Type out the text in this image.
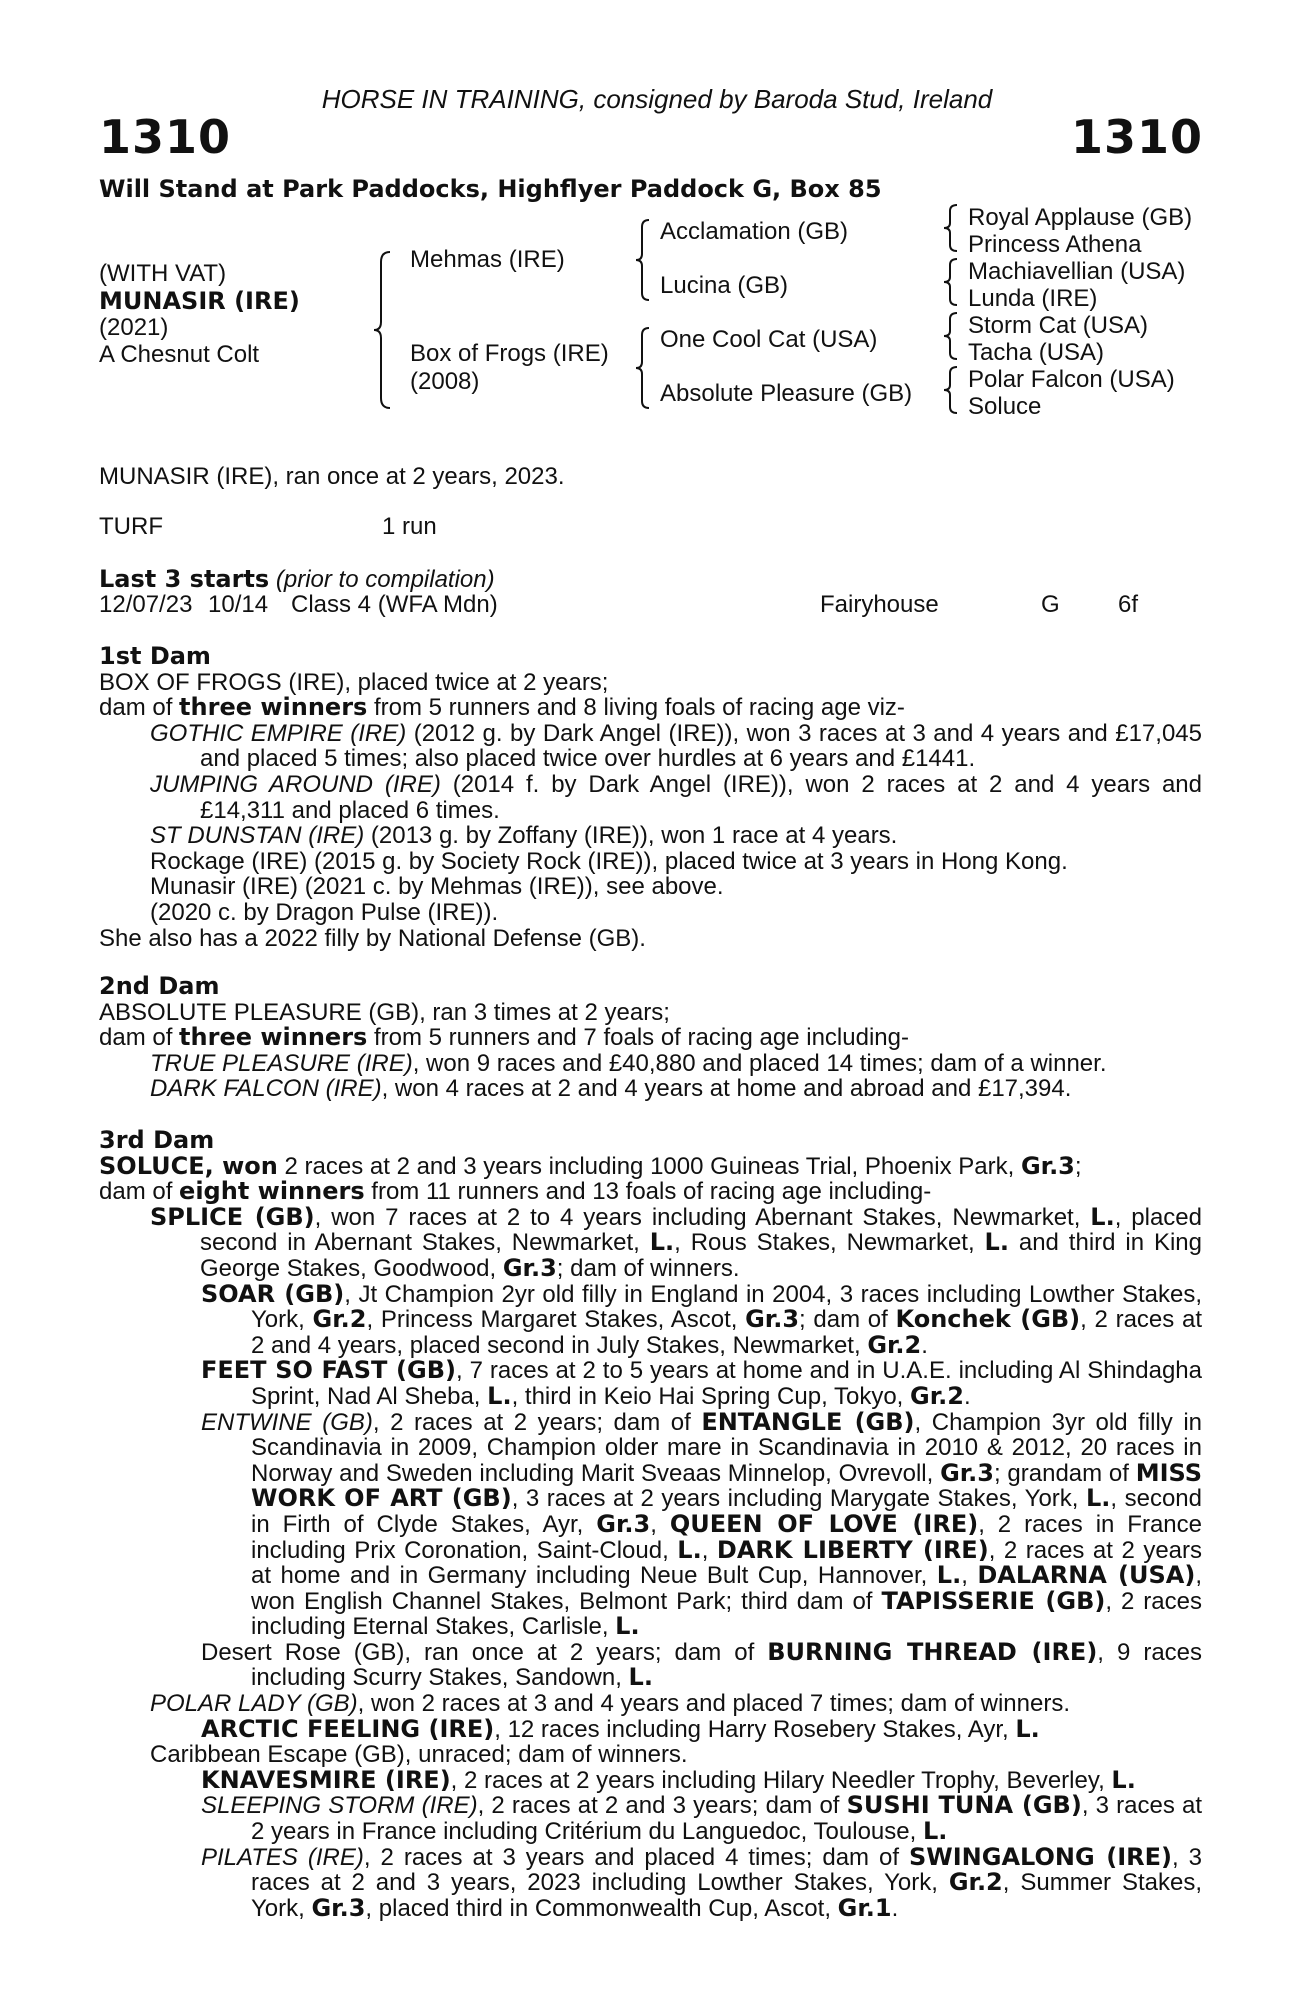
HORSE IN TRAINING, consigned by Baroda Stud, Ireland
1310	1310
Will Stand at Park Paddocks, Highflyer Paddock G, Box 85
(WITH VAT)
MUNASIR (IRE)
(2021)
A Chesnut Colt
Mehmas (IRE)
Box of Frogs (IRE)
(2008)
Acclamation (GB)
Lucina (GB)
One Cool Cat (USA)
Absolute Pleasure (GB)
Royal Applause (GB)
Princess Athena
Machiavellian (USA)
Lunda (IRE)
Storm Cat (USA)
Tacha (USA)
Polar Falcon (USA)
Soluce
MUNASIR (IRE), ran once at 2 years, 2023.
TURF	1 run
Last 3 starts (prior to compilation)
12/07/23 10/14 Class 4 (WFA Mdn)	Fairyhouse	G 6f

1st Dam

BOX OF FROGS (IRE), placed twice at 2 years;

dam of three winners from 5 runners and 8 living foals of racing age viz-

GOTHIC EMPIRE (IRE) (2012 g. by Dark Angel (IRE)), won 3 races at 3 and 4 years and £17,045 and placed 5 times; also placed twice over hurdles at 6 years and £1441.

JUMPING AROUND (IRE) (2014 f. by Dark Angel (IRE)), won 2 races at 2 and 4 years and £14,311 and placed 6 times.

ST DUNSTAN (IRE) (2013 g. by Zoffany (IRE)), won 1 race at 4 years.

Rockage (IRE) (2015 g. by Society Rock (IRE)), placed twice at 3 years in Hong Kong.

Munasir (IRE) (2021 c. by Mehmas (IRE)), see above.

(2020 c. by Dragon Pulse (IRE)).

She also has a 2022 filly by National Defense (GB).

2nd Dam

ABSOLUTE PLEASURE (GB), ran 3 times at 2 years;

dam of three winners from 5 runners and 7 foals of racing age including-

TRUE PLEASURE (IRE), won 9 races and £40,880 and placed 14 times; dam of a winner.

DARK FALCON (IRE), won 4 races at 2 and 4 years at home and abroad and £17,394.

3rd Dam

SOLUCE, won 2 races at 2 and 3 years including 1000 Guineas Trial, Phoenix Park, Gr.3;

dam of eight winners from 11 runners and 13 foals of racing age including-

SPLICE (GB), won 7 races at 2 to 4 years including Abernant Stakes, Newmarket, L., placed second in Abernant Stakes, Newmarket, L., Rous Stakes, Newmarket, L. and third in King George Stakes, Goodwood, Gr.3; dam of winners.

SOAR (GB), Jt Champion 2yr old filly in England in 2004, 3 races including Lowther Stakes, York, Gr.2, Princess Margaret Stakes, Ascot, Gr.3; dam of Konchek (GB), 2 races at 2 and 4 years, placed second in July Stakes, Newmarket, Gr.2.

FEET SO FAST (GB), 7 races at 2 to 5 years at home and in U.A.E. including Al Shindagha Sprint, Nad Al Sheba, L., third in Keio Hai Spring Cup, Tokyo, Gr.2.

ENTWINE (GB), 2 races at 2 years; dam of ENTANGLE (GB), Champion 3yr old filly in Scandinavia in 2009, Champion older mare in Scandinavia in 2010 & 2012, 20 races in Norway and Sweden including Marit Sveaas Minnelop, Ovrevoll, Gr.3; grandam of MISS WORK OF ART (GB), 3 races at 2 years including Marygate Stakes, York, L., second in Firth of Clyde Stakes, Ayr, Gr.3, QUEEN OF LOVE (IRE), 2 races in France including Prix Coronation, Saint-Cloud, L., DARK LIBERTY (IRE), 2 races at 2 years at home and in Germany including Neue Bult Cup, Hannover, L., DALARNA (USA), won English Channel Stakes, Belmont Park; third dam of TAPISSERIE (GB), 2 races including Eternal Stakes, Carlisle, L.

Desert Rose (GB), ran once at 2 years; dam of BURNING THREAD (IRE), 9 races including Scurry Stakes, Sandown, L.

POLAR LADY (GB), won 2 races at 3 and 4 years and placed 7 times; dam of winners.

ARCTIC FEELING (IRE), 12 races including Harry Rosebery Stakes, Ayr, L.

Caribbean Escape (GB), unraced; dam of winners.

KNAVESMIRE (IRE), 2 races at 2 years including Hilary Needler Trophy, Beverley, L.

SLEEPING STORM (IRE), 2 races at 2 and 3 years; dam of SUSHI TUNA (GB), 3 races at 2 years in France including Critérium du Languedoc, Toulouse, L.

PILATES (IRE), 2 races at 3 years and placed 4 times; dam of SWINGALONG (IRE), 3 races at 2 and 3 years, 2023 including Lowther Stakes, York, Gr.2, Summer Stakes, York, Gr.3, placed third in Commonwealth Cup, Ascot, Gr.1.
